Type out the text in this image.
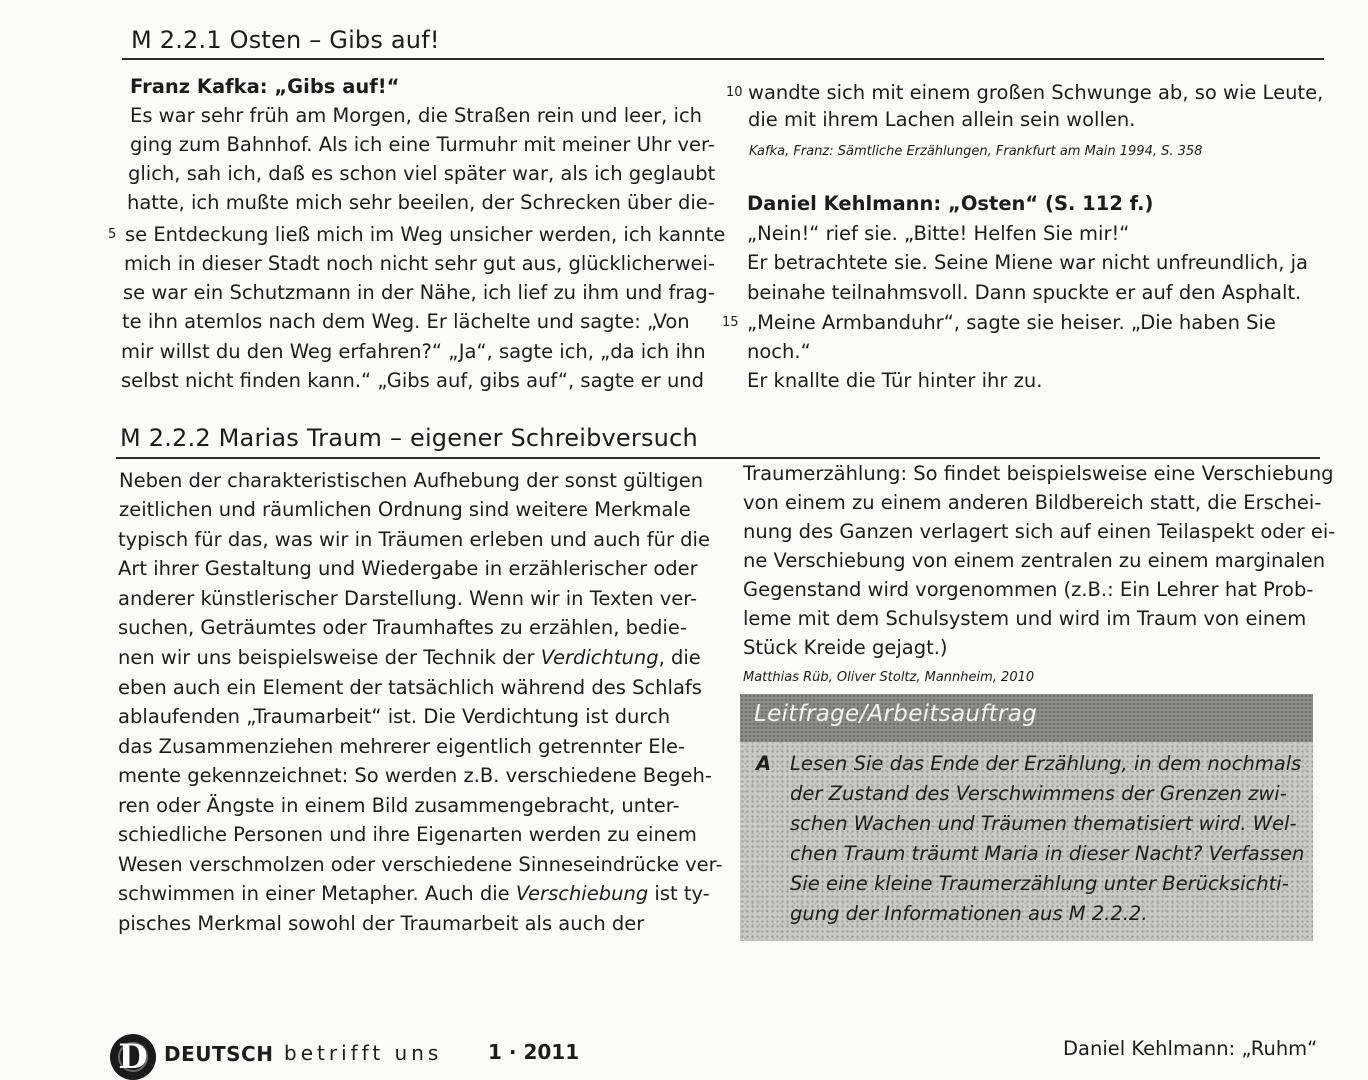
M 2.2.1 Osten – Gibs auf!
Franz Kafka: „Gibs auf!“
Es war sehr früh am Morgen, die Straßen rein und leer, ich
ging zum Bahnhof. Als ich eine Turmuhr mit meiner Uhr ver-
glich, sah ich, daß es schon viel später war, als ich geglaubt
hatte, ich mußte mich sehr beeilen, der Schrecken über die-
5 se Entdeckung ließ mich im Weg unsicher werden, ich kannte
mich in dieser Stadt noch nicht sehr gut aus, glücklicherwei-
se war ein Schutzmann in der Nähe, ich lief zu ihm und frag-
te ihn atemlos nach dem Weg. Er lächelte und sagte: „Von
mir willst du den Weg erfahren?“ „Ja“, sagte ich, „da ich ihn
selbst nicht finden kann.“ „Gibs auf, gibs auf“, sagte er und
10 wandte sich mit einem großen Schwunge ab, so wie Leute,
die mit ihrem Lachen allein sein wollen.
Kafka, Franz: Sämtliche Erzählungen, Frankfurt am Main 1994, S. 358
Daniel Kehlmann: „Osten“ (S. 112 f.)
„Nein!“ rief sie. „Bitte! Helfen Sie mir!“
Er betrachtete sie. Seine Miene war nicht unfreundlich, ja
beinahe teilnahmsvoll. Dann spuckte er auf den Asphalt.
15 „Meine Armbanduhr“, sagte sie heiser. „Die haben Sie
noch.“
Er knallte die Tür hinter ihr zu.
M 2.2.2 Marias Traum – eigener Schreibversuch
Neben der charakteristischen Aufhebung der sonst gültigen
zeitlichen und räumlichen Ordnung sind weitere Merkmale
typisch für das, was wir in Träumen erleben und auch für die
Art ihrer Gestaltung und Wiedergabe in erzählerischer oder
anderer künstlerischer Darstellung. Wenn wir in Texten ver-
suchen, Geträumtes oder Traumhaftes zu erzählen, bedie-
nen wir uns beispielsweise der Technik der Verdichtung, die
eben auch ein Element der tatsächlich während des Schlafs
ablaufenden „Traumarbeit“ ist. Die Verdichtung ist durch
das Zusammenziehen mehrerer eigentlich getrennter Ele-
mente gekennzeichnet: So werden z.B. verschiedene Begeh-
ren oder Ängste in einem Bild zusammengebracht, unter-
schiedliche Personen und ihre Eigenarten werden zu einem
Wesen verschmolzen oder verschiedene Sinneseindrücke ver-
schwimmen in einer Metapher. Auch die Verschiebung ist ty-
pisches Merkmal sowohl der Traumarbeit als auch der
Traumerzählung: So findet beispielsweise eine Verschiebung
von einem zu einem anderen Bildbereich statt, die Erschei-
nung des Ganzen verlagert sich auf einen Teilaspekt oder ei-
ne Verschiebung von einem zentralen zu einem marginalen
Gegenstand wird vorgenommen (z.B.: Ein Lehrer hat Prob-
leme mit dem Schulsystem und wird im Traum von einem
Stück Kreide gejagt.)
Matthias Rüb, Oliver Stoltz, Mannheim, 2010
Leitfrage/Arbeitsauftrag
A Lesen Sie das Ende der Erzählung, in dem nochmals
der Zustand des Verschwimmens der Grenzen zwi-
schen Wachen und Träumen thematisiert wird. Wel-
chen Traum träumt Maria in dieser Nacht? Verfassen
Sie eine kleine Traumerzählung unter Berücksichti-
gung der Informationen aus M 2.2.2.
D DEUTSCH betrifft uns 1 · 2011	Daniel Kehlmann: „Ruhm“
